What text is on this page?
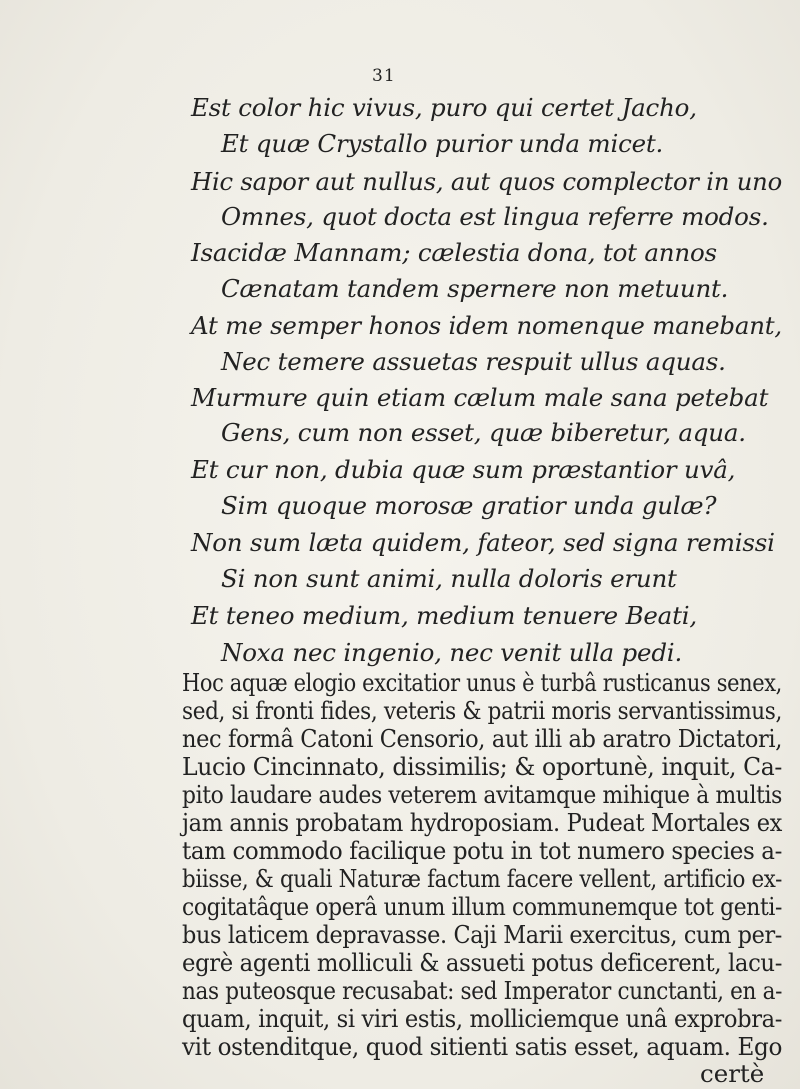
31
Est color hic vivus, puro qui certet Jacho,
Et quæ Crystallo purior unda micet.
Hic sapor aut nullus, aut quos complector in uno
Omnes, quot docta est lingua referre modos.
Isacidæ Mannam; cælestia dona, tot annos
Cænatam tandem spernere non metuunt.
At me semper honos idem nomenque manebant,
Nec temere assuetas respuit ullus aquas.
Murmure quin etiam cælum male sana petebat
Gens, cum non esset, quæ biberetur, aqua.
Et cur non, dubia quæ sum præstantior uvâ,
Sim quoque morosæ gratior unda gulæ?
Non sum læta quidem, fateor, sed signa remissi
Si non sunt animi, nulla doloris erunt
Et teneo medium, medium tenuere Beati,
Noxa nec ingenio, nec venit ulla pedi.
Hoc aquæ elogio excitatior unus è turbâ rusticanus senex,
sed, si fronti fides, veteris & patrii moris servantissimus,
nec formâ Catoni Censorio, aut illi ab aratro Dictatori,
Lucio Cincinnato, dissimilis; & oportunè, inquit, Ca-
pito laudare audes veterem avitamque mihique à multis
jam annis probatam hydroposiam. Pudeat Mortales ex
tam commodo facilique potu in tot numero species a-
biisse, & quali Naturæ factum facere vellent, artificio ex-
cogitatâque operâ unum illum communemque tot genti-
bus laticem depravasse. Caji Marii exercitus, cum per-
egrè agenti molliculi & assueti potus deficerent, lacu-
nas puteosque recusabat: sed Imperator cunctanti, en a-
quam, inquit, si viri estis, molliciemque unâ exprobra-
vit ostenditque, quod sitienti satis esset, aquam. Ego
certè
